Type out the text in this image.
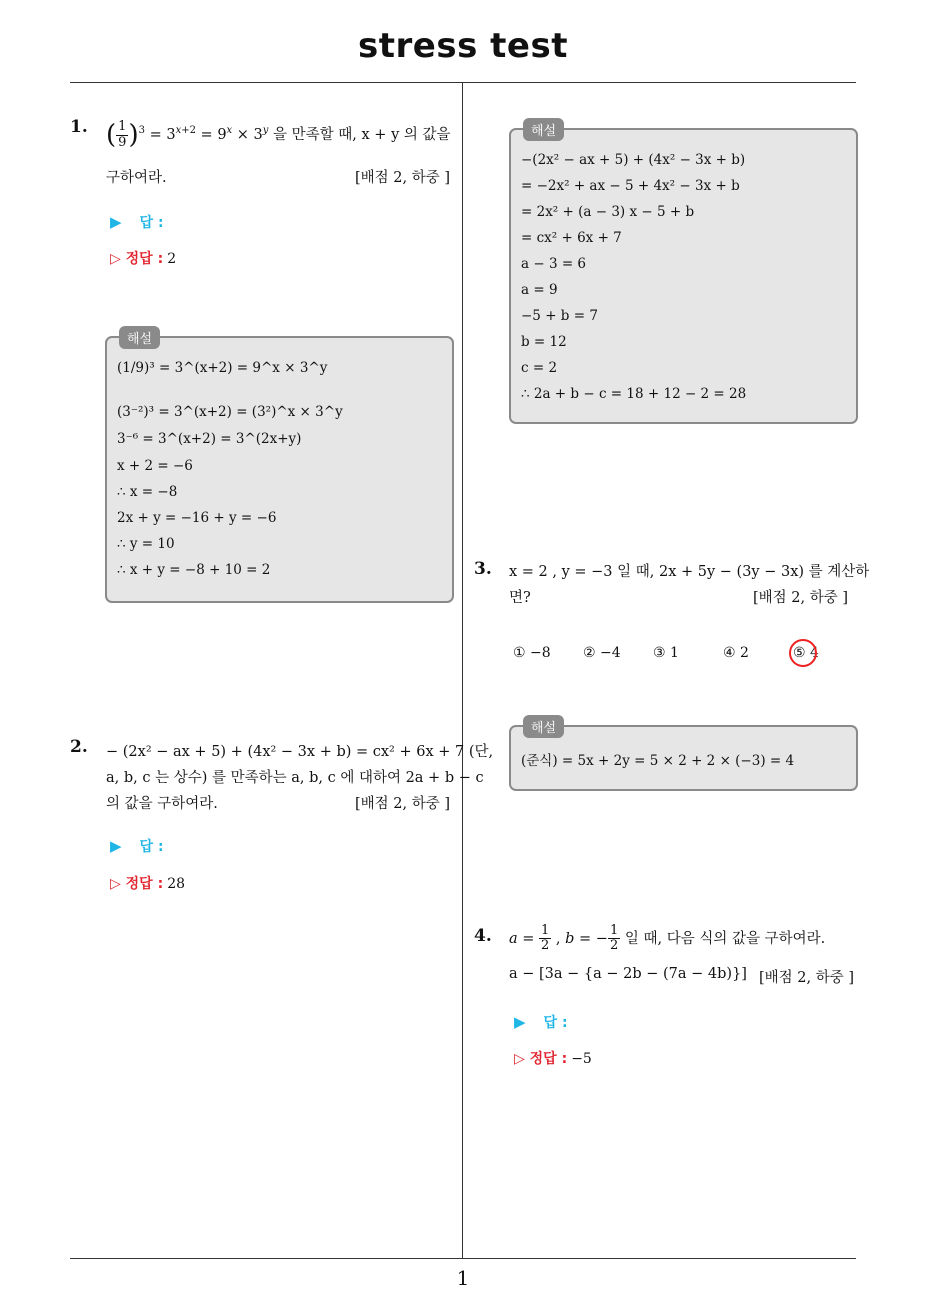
stress test
1
1. ( $\frac{1}{9} )^3 = 3^{x+2} = 9^x \times 3^y$ 을 만족할 때, x + y 의 값을
구하여라.	[배점 2, 하중 ]
▶ 답 :
▷ 정답 : 2
해설
(1/9)³ = 3^(x+2) = 9^x × 3^y
(3⁻²)³ = 3^(x+2) = (3²)^x × 3^y
3⁻⁶ = 3^(x+2) = 3^(2x+y)
x + 2 = −6
∴ x = −8
2x + y = −16 + y = −6
∴ y = 10
∴ x + y = −8 + 10 = 2
2. − (2x² − ax + 5) + (4x² − 3x + b) = cx² + 6x + 7 (단,
a, b, c 는 상수) 를 만족하는 a, b, c 에 대하여 2a + b − c
의 값을 구하여라.	[배점 2, 하중 ]
▶ 답 :
▷ 정답 : 28
해설
−(2x² − ax + 5) + (4x² − 3x + b)
= −2x² + ax − 5 + 4x² − 3x + b
= 2x² + (a − 3) x − 5 + b
= cx² + 6x + 7
a − 3 = 6
a = 9
−5 + b = 7
b = 12
c = 2
∴ 2a + b − c = 18 + 12 − 2 = 28
3. x = 2 , y = −3 일 때, 2x + 5y − (3y − 3x) 를 계산하
면?	[배점 2, 하중 ]
① −8 ② −4 ③ 1	④ 2	⑤ 4
해설
(준식) = 5x + 2y = 5 × 2 + 2 × (−3) = 4
4. $a = \frac{1}{2}$ , b = − $\frac{1}{2}$ 일 때, 다음 식의 값을 구하여라.
a − [3a − {a − 2b − (7a − 4b)}] [배점 2, 하중 ]
▶ 답 :
▷ 정답 : −5
